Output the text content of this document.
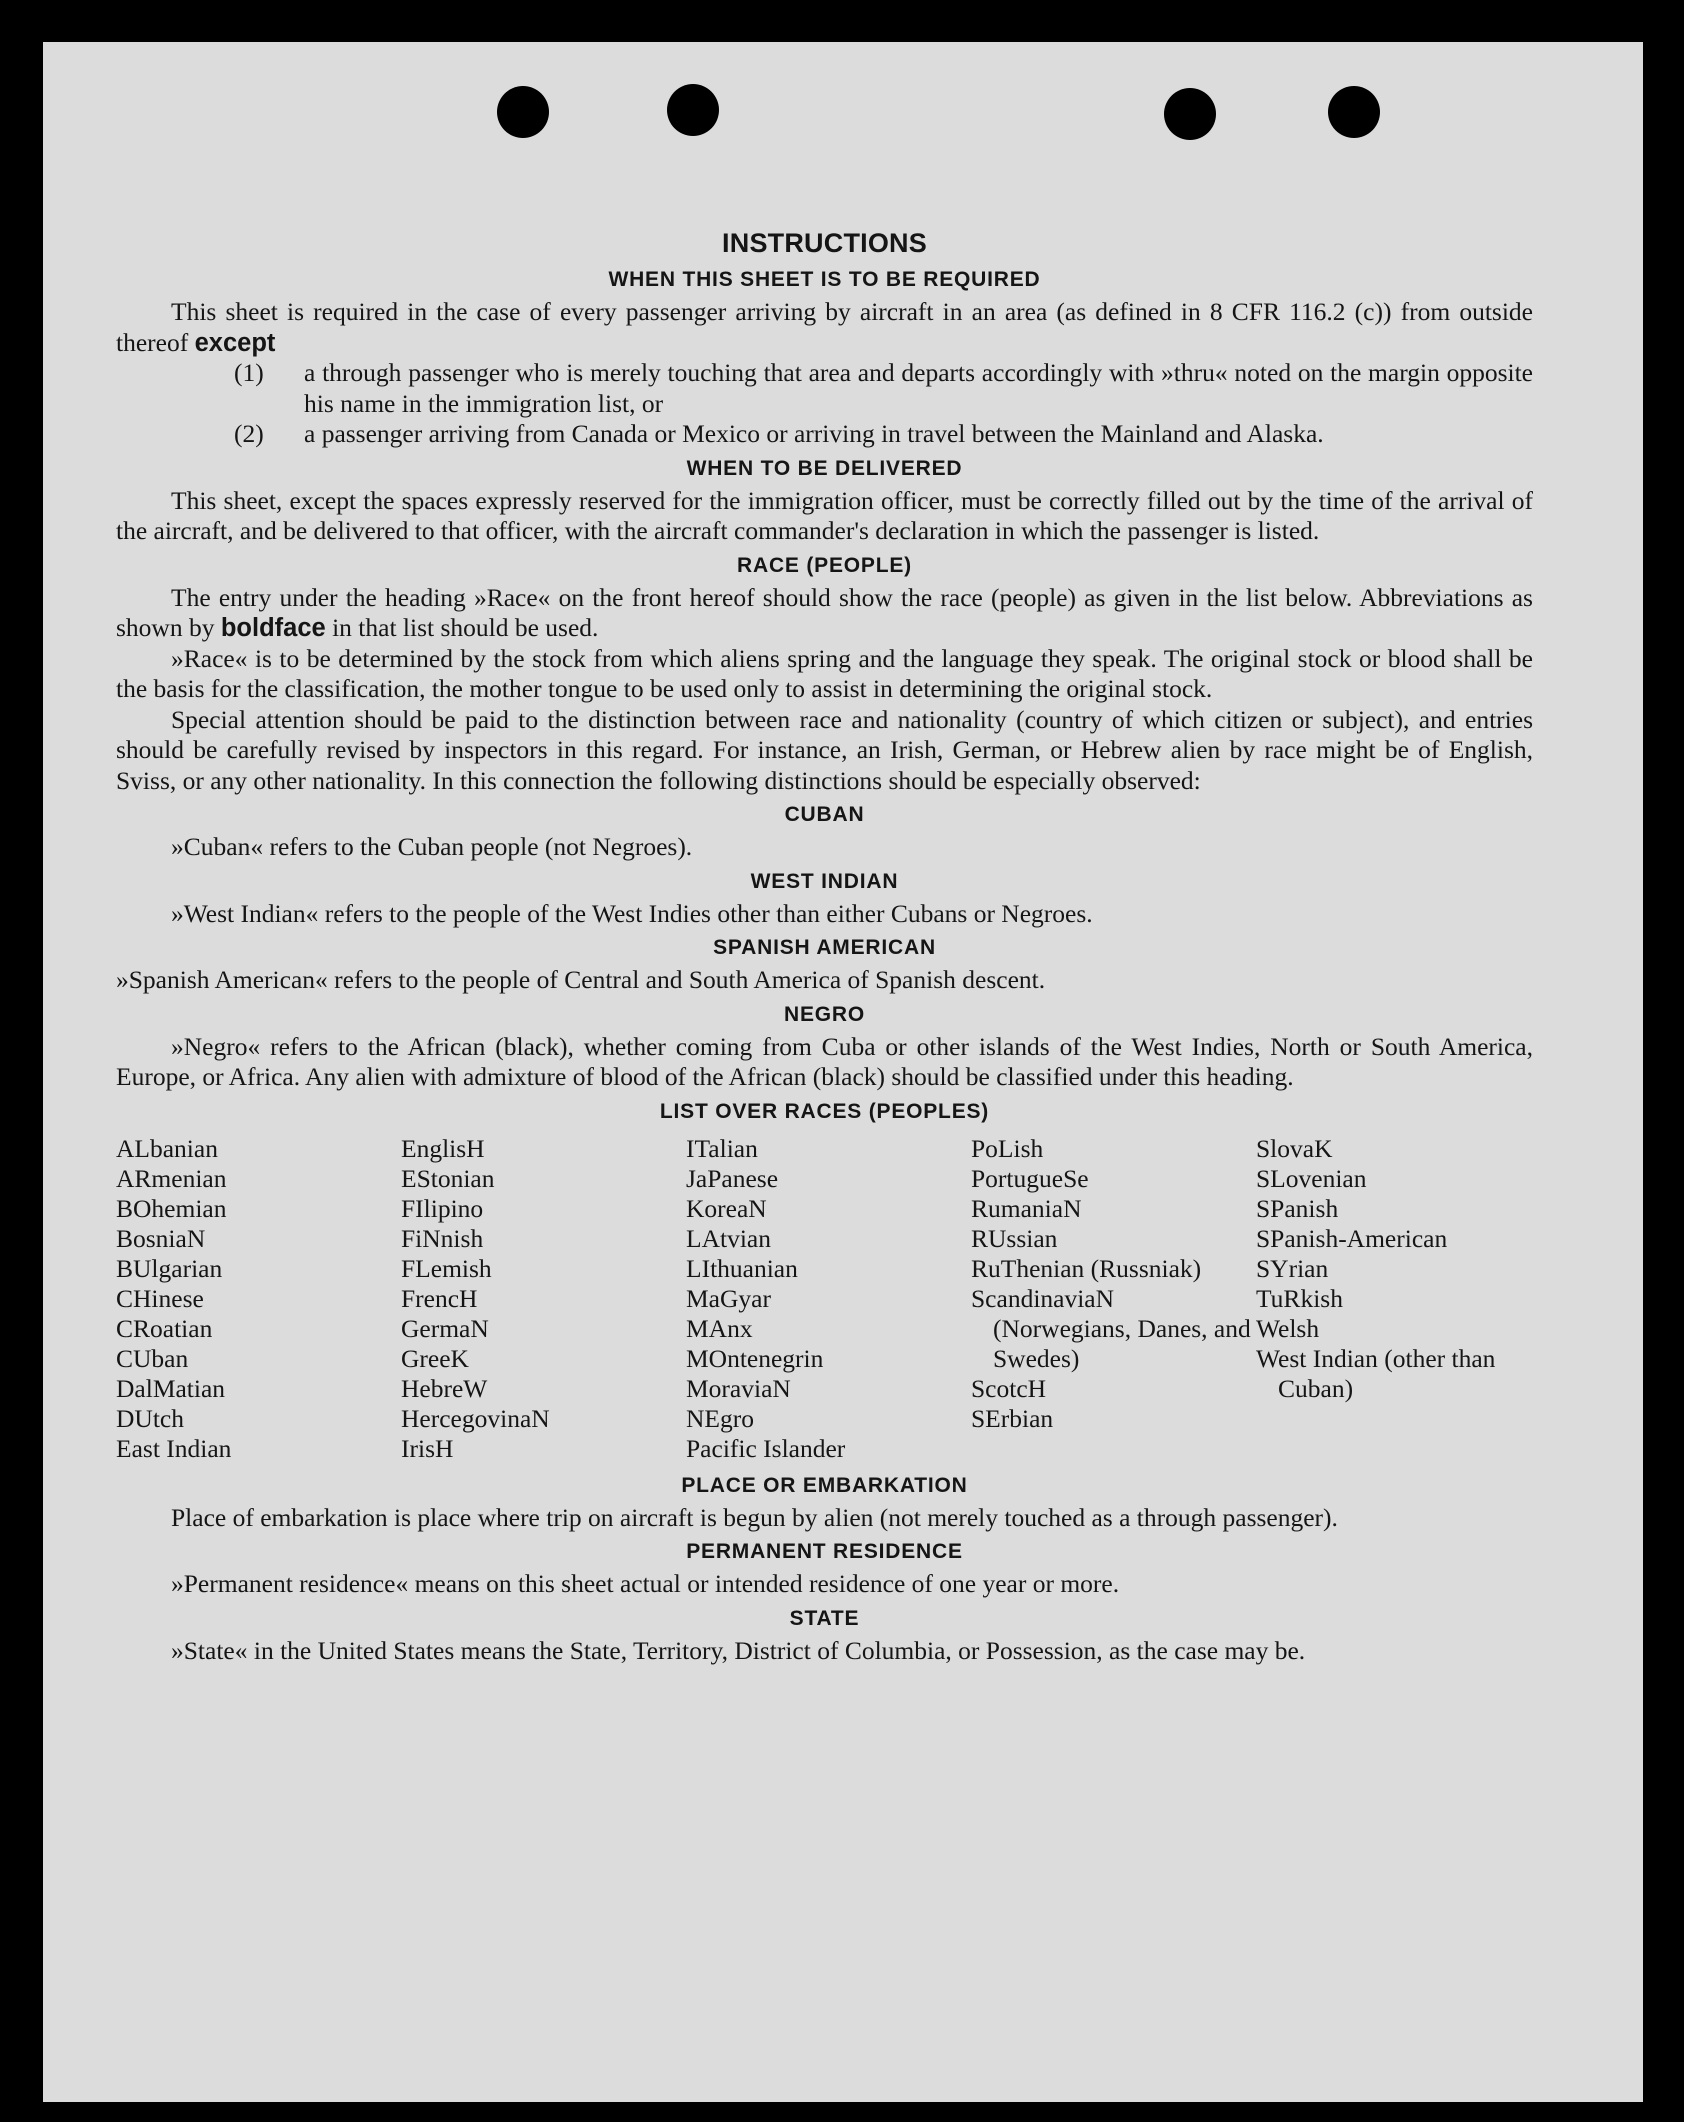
INSTRUCTIONS
WHEN THIS SHEET IS TO BE REQUIRED

This sheet is required in the case of every passenger arriving by aircraft in an area (as defined in 8 CFR 116.2 (c)) from outside thereof except

(1)	a through passenger who is merely touching that area and departs accordingly with »thru« noted on the margin opposite his name in the immigration list, or
(2)	a passenger arriving from Canada or Mexico or arriving in travel between the Mainland and Alaska.
WHEN TO BE DELIVERED

This sheet, except the spaces expressly reserved for the immigration officer, must be correctly filled out by the time of the arrival of the aircraft, and be delivered to that officer, with the aircraft commander's declaration in which the passenger is listed.

RACE (PEOPLE)

The entry under the heading »Race« on the front hereof should show the race (people) as given in the list below. Abbreviations as shown by boldface in that list should be used.

»Race« is to be determined by the stock from which aliens spring and the language they speak. The original stock or blood shall be the basis for the classification, the mother tongue to be used only to assist in determining the original stock.

Special attention should be paid to the distinction between race and nationality (country of which citizen or subject), and entries should be carefully revised by inspectors in this regard. For instance, an Irish, German, or Hebrew alien by race might be of English, Sviss, or any other nationality. In this connection the following distinctions should be especially observed:

CUBAN

»Cuban« refers to the Cuban people (not Negroes).

WEST INDIAN

»West Indian« refers to the people of the West Indies other than either Cubans or Negroes.

SPANISH AMERICAN

»Spanish American« refers to the people of Central and South America of Spanish descent.

NEGRO

»Negro« refers to the African (black), whether coming from Cuba or other islands of the West Indies, North or South America, Europe, or Africa. Any alien with admixture of blood of the African (black) should be classified under this heading.

LIST OVER RACES (PEOPLES)
ALbanian
ARmenian
BOhemian
BosniaN
BUlgarian
CHinese
CRoatian
CUban
DalMatian
DUtch
East Indian
EnglisH
EStonian
FIlipino
FiNnish
FLemish
FrencH
GermaN
GreeK
HebreW
HercegovinaN
IrisH
ITalian
JaPanese
KoreaN
LAtvian
LIthuanian
MaGyar
MAnx
MOntenegrin
MoraviaN
NEgro
Pacific Islander
PoLish
PortugueSe
RumaniaN
RUssian
RuThenian (Russniak)
ScandinaviaN (Norwegians, Danes, and Swedes)
ScotcH
SErbian
SlovaK
SLovenian
SPanish
SPanish-American
SYrian
TuRkish
Welsh
West Indian (other than Cuban)
PLACE OR EMBARKATION

Place of embarkation is place where trip on aircraft is begun by alien (not merely touched as a through passenger).

PERMANENT RESIDENCE

»Permanent residence« means on this sheet actual or intended residence of one year or more.

STATE

»State« in the United States means the State, Territory, District of Columbia, or Possession, as the case may be.
